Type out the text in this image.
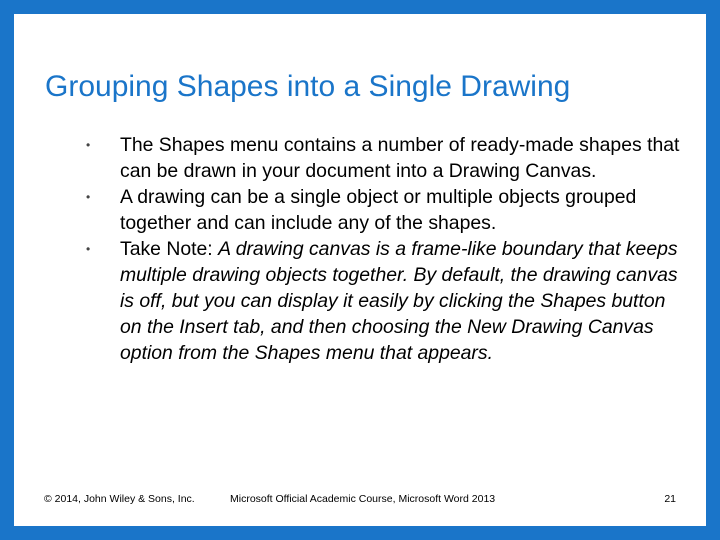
Grouping Shapes into a Single Drawing
• The Shapes menu contains a number of ready-made shapes that can be drawn in your document into a Drawing Canvas.
• A drawing can be a single object or multiple objects grouped together and can include any of the shapes.
• Take Note: A drawing canvas is a frame-like boundary that keeps multiple drawing objects together. By default, the drawing canvas is off, but you can display it easily by clicking the Shapes button on the Insert tab, and then choosing the New Drawing Canvas option from the Shapes menu that appears.
© 2014, John Wiley & Sons, Inc.	Microsoft Official Academic Course, Microsoft Word 2013	21
